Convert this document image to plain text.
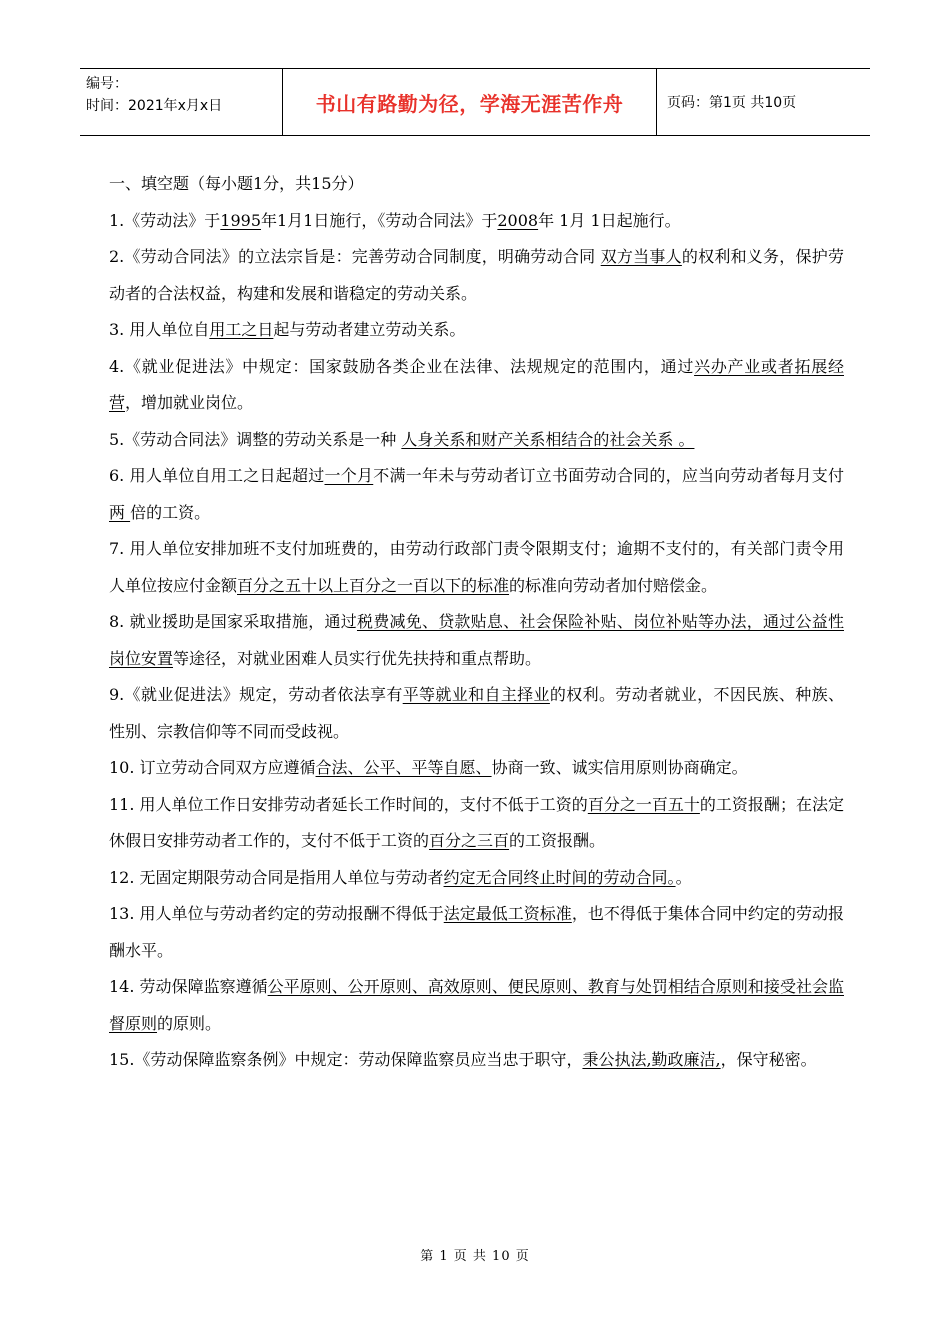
编号：
时间：2021年x月x日	书山有路勤为径，学海无涯苦作舟	页码：第1页 共10页

一、填空题（每小题1分，共15分）

1.《劳动法》于1995年1月1日施行，《劳动合同法》于2008年 1月 1日起施行。

2.《劳动合同法》的立法宗旨是：完善劳动合同制度，明确劳动合同 双方当事人的权利和义务，保护劳动者的合法权益，构建和发展和谐稳定的劳动关系。

3. 用人单位自用工之日起与劳动者建立劳动关系。

4.《就业促进法》中规定：国家鼓励各类企业在法律、法规规定的范围内，通过兴办产业或者拓展经营，增加就业岗位。

5.《劳动合同法》调整的劳动关系是一种 人身关系和财产关系相结合的社会关系 。

6. 用人单位自用工之日起超过一个月不满一年未与劳动者订立书面劳动合同的，应当向劳动者每月支付两 倍的工资。

7. 用人单位安排加班不支付加班费的，由劳动行政部门责令限期支付；逾期不支付的，有关部门责令用人单位按应付金额百分之五十以上百分之一百以下的标准的标准向劳动者加付赔偿金。

8. 就业援助是国家采取措施，通过税费减免、贷款贴息、社会保险补贴、岗位补贴等办法，通过公益性岗位安置等途径，对就业困难人员实行优先扶持和重点帮助。

9.《就业促进法》规定，劳动者依法享有平等就业和自主择业的权利。劳动者就业，不因民族、种族、性别、宗教信仰等不同而受歧视。

10. 订立劳动合同双方应遵循合法、公平、平等自愿、协商一致、诚实信用原则协商确定。

11. 用人单位工作日安排劳动者延长工作时间的，支付不低于工资的百分之一百五十的工资报酬；在法定休假日安排劳动者工作的，支付不低于工资的百分之三百的工资报酬。

12. 无固定期限劳动合同是指用人单位与劳动者约定无合同终止时间的劳动合同。。

13. 用人单位与劳动者约定的劳动报酬不得低于法定最低工资标准，也不得低于集体合同中约定的劳动报酬水平。

14. 劳动保障监察遵循公平原则、公开原则、高效原则、便民原则、教育与处罚相结合原则和接受社会监督原则的原则。

15.《劳动保障监察条例》中规定：劳动保障监察员应当忠于职守，秉公执法,勤政廉洁,，保守秘密。

第 1 页 共 10 页
